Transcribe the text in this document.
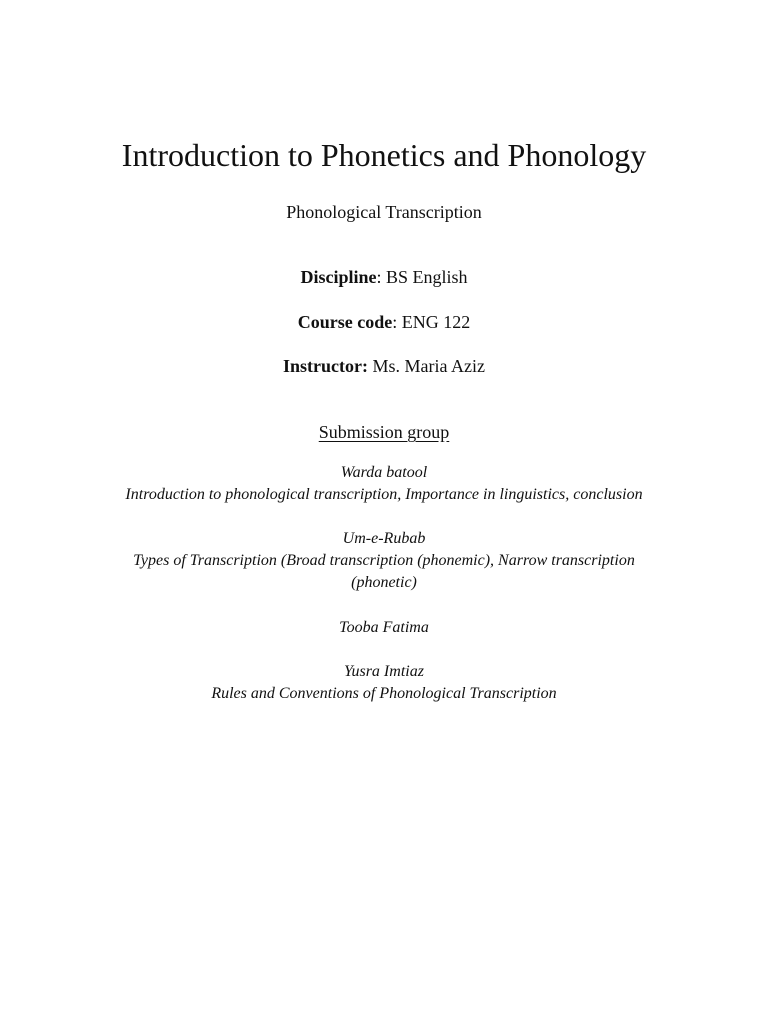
Introduction to Phonetics and Phonology
Phonological Transcription
Discipline: BS English
Course code: ENG 122
Instructor: Ms. Maria Aziz
Submission group
Warda batool
Introduction to phonological transcription, Importance in linguistics, conclusion
Um-e-Rubab
Types of Transcription (Broad transcription (phonemic), Narrow transcription (phonetic)
Tooba Fatima
Yusra Imtiaz
Rules and Conventions of Phonological Transcription
